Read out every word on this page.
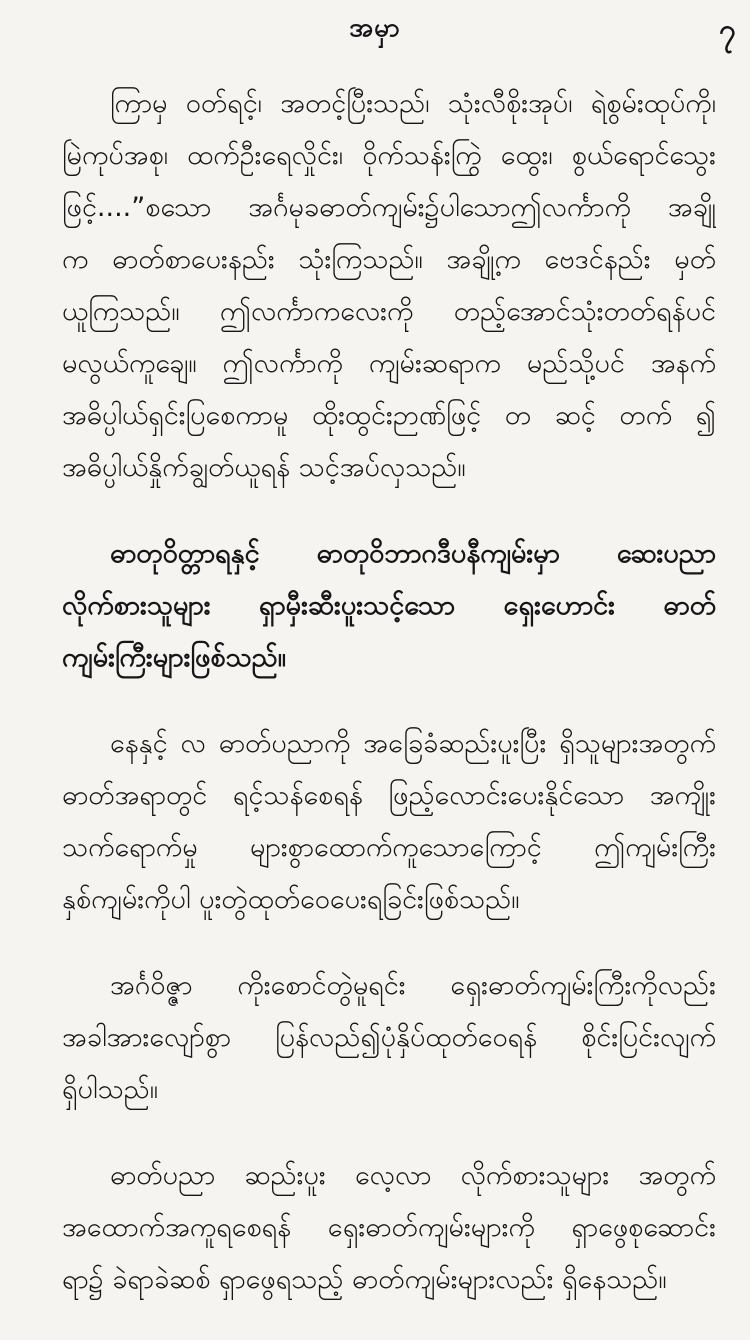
အမှာ	၇
ကြာမှ ဝတ်ရင့်၊ အတင့်ပြီးသည်၊ သုံးလီစိုးအုပ်၊ ရဲစွမ်းထုပ်ကို၊
မြဲကုပ်အစု၊ ထက်ဦးရေလှိုင်း၊ ဝိုက်သန်းကြွဲ ထွေး၊ စွယ်ရောင်သွေး
ဖြင့်....”စသော အင်္ဂမုခဓာတ်ကျမ်း၌ပါသောဤလင်္ကာကို အချို့
က ဓာတ်စာပေးနည်း သုံးကြသည်။ အချို့က ဗေဒင်နည်း မှတ်
ယူကြသည်။ ဤလင်္ကာကလေးကို တည့်အောင်သုံးတတ်ရန်ပင်
မလွယ်ကူချေ။ ဤလင်္ကာကို ကျမ်းဆရာက မည်သို့ပင် အနက်
အဓိပ္ပါယ်ရှင်းပြစေကာမူ ထိုးထွင်းဉာဏ်ဖြင့် တ ဆင့် တက် ၍
အဓိပ္ပါယ်နှိုက်ချွတ်ယူရန် သင့်အပ်လှသည်။
ဓာတုဝိတ္တာရနှင့် ဓာတုဝိဘာဂဒီပနီကျမ်းမှာ ဆေးပညာ
လိုက်စားသူများ ရှာမှီးဆီးပူးသင့်သော ရှေးဟောင်း ဓာတ်
ကျမ်းကြီးများဖြစ်သည်။
နေနှင့် လ ဓာတ်ပညာကို အခြေခံဆည်းပူးပြီး ရှိသူများအတွက်
ဓာတ်အရာတွင် ရင့်သန်စေရန် ဖြည့်လောင်းပေးနိုင်သော အကျိုး
သက်ရောက်မှု များစွာထောက်ကူသောကြောင့် ဤကျမ်းကြီး
နှစ်ကျမ်းကိုပါ ပူးတွဲထုတ်ဝေပေးရခြင်းဖြစ်သည်။
အင်္ဂဝိဇ္ဇာ ကိုးစောင်တွဲမူရင်း ရှေးဓာတ်ကျမ်းကြီးကိုလည်း
အခါအားလျော်စွာ ပြန်လည်၍ပုံနှိပ်ထုတ်ဝေရန် စိုင်းပြင်းလျက်
ရှိပါသည်။
ဓာတ်ပညာ ဆည်းပူး လေ့လာ လိုက်စားသူများ အတွက်
အထောက်အကူရစေရန် ရှေးဓာတ်ကျမ်းများကို ရှာဖွေစုဆောင်း
ရာ၌ ခဲရာခဲဆစ် ရှာဖွေရသည့် ဓာတ်ကျမ်းများလည်း ရှိနေသည်။
